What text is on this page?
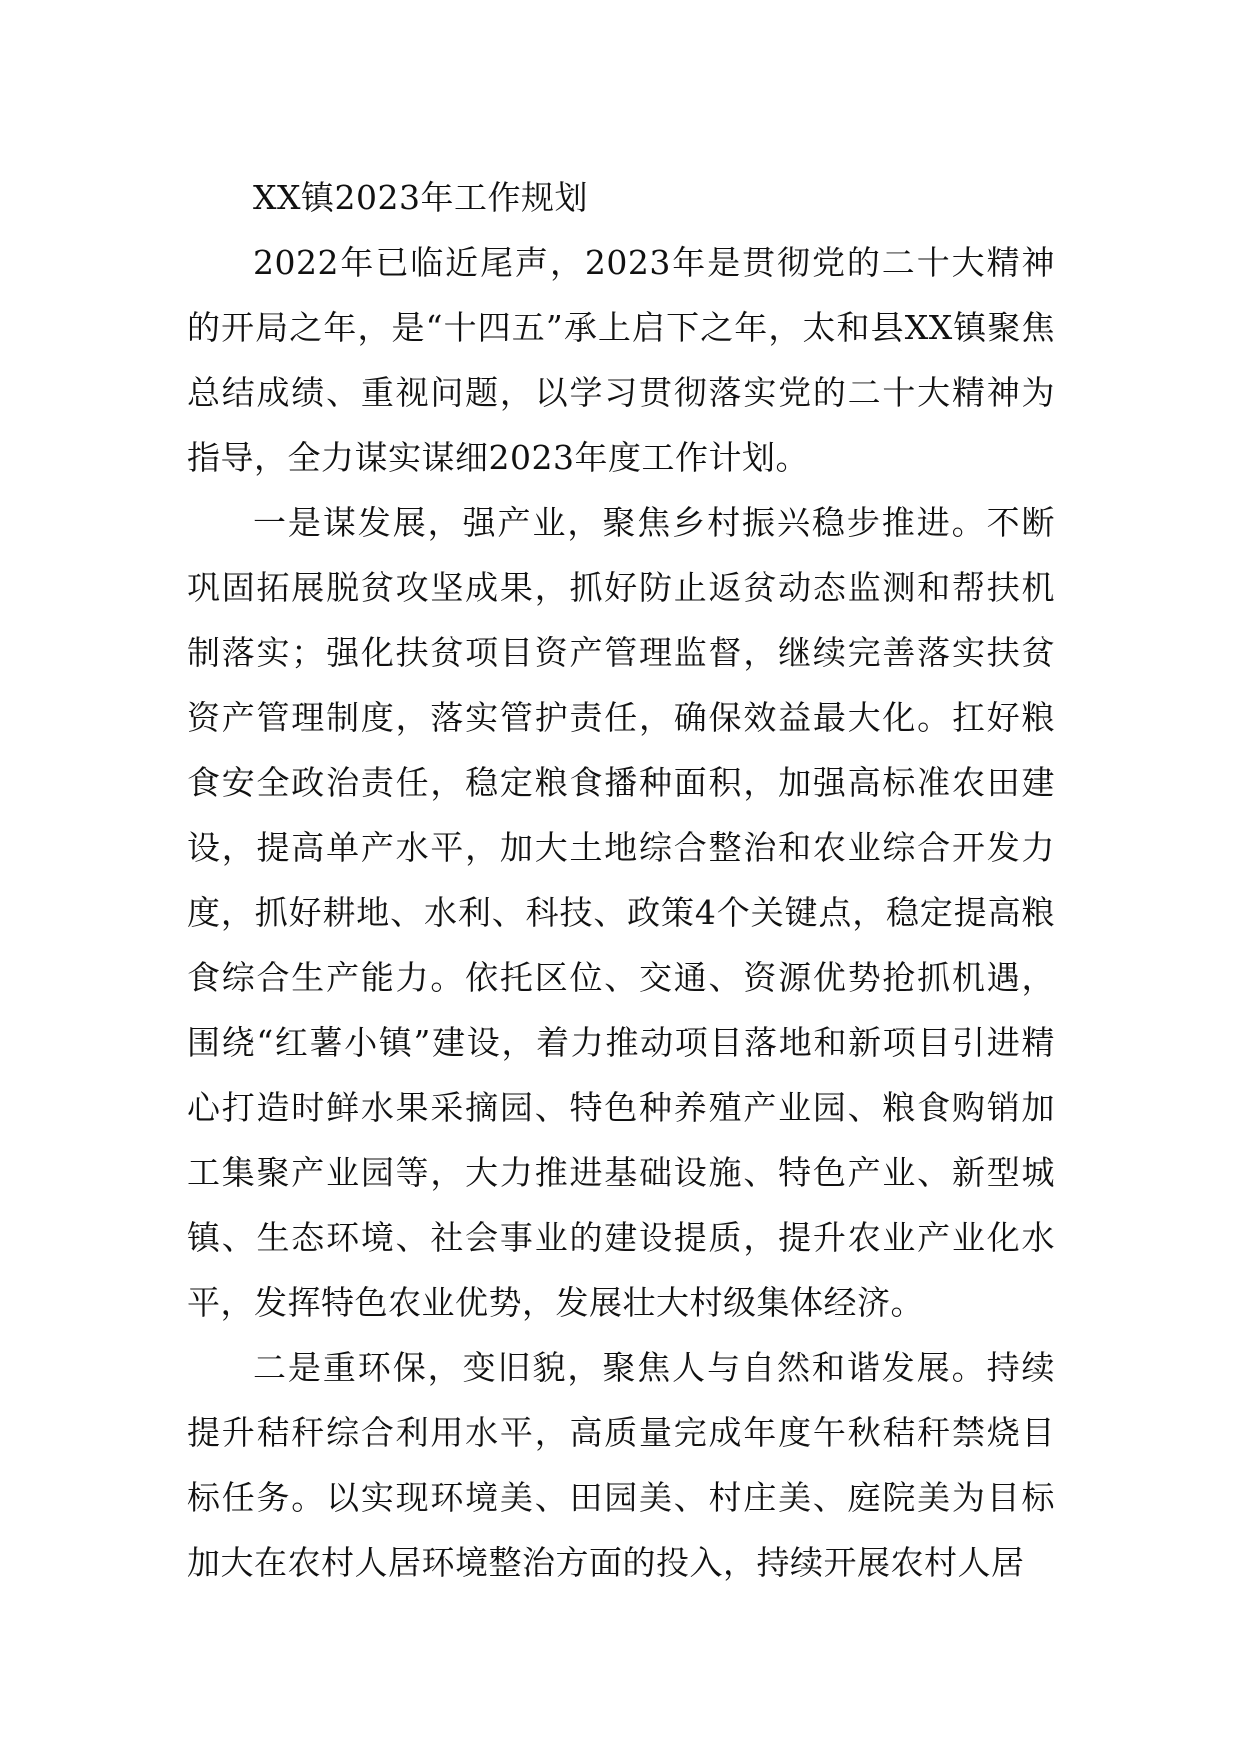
XX镇2023年工作规划

2022年已临近尾声，2023年是贯彻党的二十大精神的开局之年，是“十四五”承上启下之年，太和县XX镇聚焦总结成绩、重视问题，以学习贯彻落实党的二十大精神为指导，全力谋实谋细2023年度工作计划。

一是谋发展，强产业，聚焦乡村振兴稳步推进。不断巩固拓展脱贫攻坚成果，抓好防止返贫动态监测和帮扶机制落实；强化扶贫项目资产管理监督，继续完善落实扶贫资产管理制度，落实管护责任，确保效益最大化。扛好粮食安全政治责任，稳定粮食播种面积，加强高标准农田建设，提高单产水平，加大土地综合整治和农业综合开发力度，抓好耕地、水利、科技、政策4个关键点，稳定提高粮食综合生产能力。依托区位、交通、资源优势抢抓机遇，围绕“红薯小镇”建设，着力推动项目落地和新项目引进精心打造时鲜水果采摘园、特色种养殖产业园、粮食购销加工集聚产业园等，大力推进基础设施、特色产业、新型城镇、生态环境、社会事业的建设提质，提升农业产业化水平，发挥特色农业优势，发展壮大村级集体经济。

二是重环保，变旧貌，聚焦人与自然和谐发展。持续提升秸秆综合利用水平，高质量完成年度午秋秸秆禁烧目标任务。以实现环境美、田园美、村庄美、庭院美为目标加大在农村人居环境整治方面的投入，持续开展农村人居
